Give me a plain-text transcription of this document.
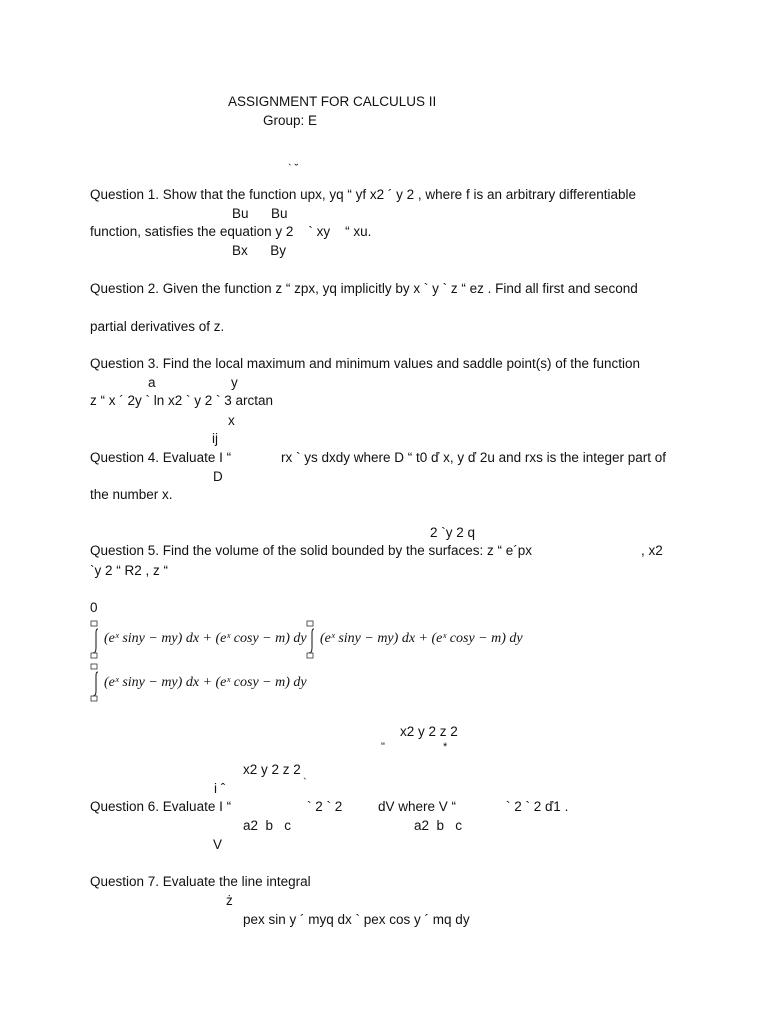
ASSIGNMENT FOR CALCULUS II
Group: E
` ˘
Question 1. Show that the function upx, yq “ yf x2 ´ y 2 , where f is an arbitrary differentiable
Bu      Bu
function, satisfies the equation y 2    ` xy    “ xu.
Bx      By
Question 2. Given the function z “ zpx, yq implicitly by x ` y ` z “ ez . Find all first and second
partial derivatives of z.
Question 3. Find the local maximum and minimum values and saddle point(s) of the function
a	y
z “ x ´ 2y ` ln x2 ` y 2 ` 3 arctan
x
ij
Question 4. Evaluate I “	rx ` ys dxdy where D “ t0 ď x, y ď 2u and rxs is the integer part of
D
the number x.
2 `y 2 q
Question 5. Find the volume of the solid bounded by the surfaces: z “ e´px	, x2
`y 2 “ R2 , z “
0
(eˣ siny − my) dx + (eˣ cosy − m) dy (eˣ siny − my) dx + (eˣ cosy − m) dy
(eˣ siny − my) dx + (eˣ cosy − m) dy
x2 y 2 z 2
"                   *
x2 y 2 z 2
i ˆ	`
Question 6. Evaluate I “	` 2 ` 2	dV where V “	` 2 ` 2 ď1 .
a2  b   c	a2  b   c
V
Question 7. Evaluate the line integral
ż
pex sin y ´ myq dx ` pex cos y ´ mq dy
